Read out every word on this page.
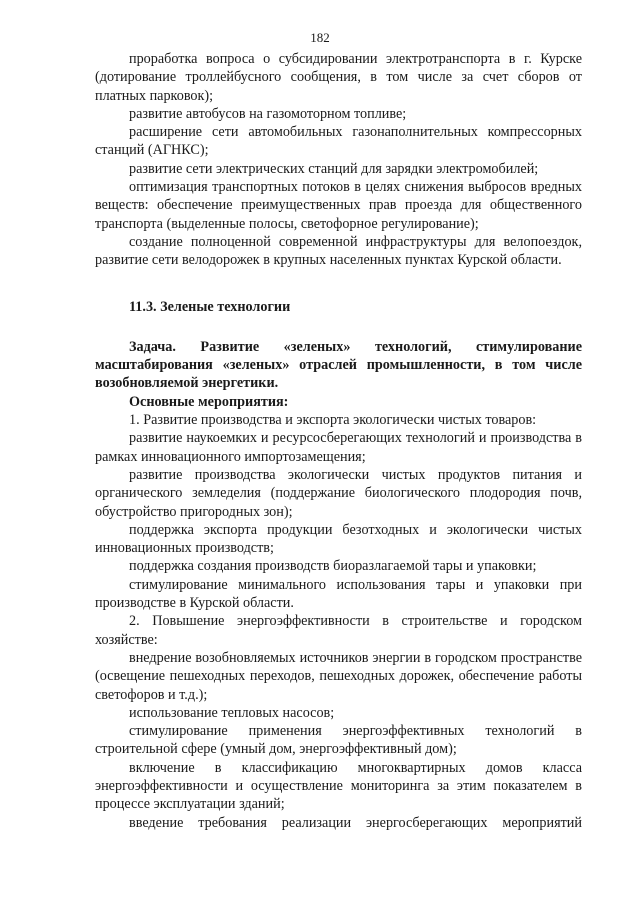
182

проработка вопроса о субсидировании электротранспорта в г. Курске (дотирование троллейбусного сообщения, в том числе за счет сборов от платных парковок);

развитие автобусов на газомоторном топливе;

расширение сети автомобильных газонаполнительных компрессорных станций (АГНКС);

развитие сети электрических станций для зарядки электромобилей;

оптимизация транспортных потоков в целях снижения выбросов вредных веществ: обеспечение преимущественных прав проезда для общественного транспорта (выделенные полосы, светофорное регулирование);

создание полноценной современной инфраструктуры для велопоездок, развитие сети велодорожек в крупных населенных пунктах Курской области.

11.3. Зеленые технологии

Задача. Развитие «зеленых» технологий, стимулирование масштабирования «зеленых» отраслей промышленности, в том числе возобновляемой энергетики.

Основные мероприятия:

1. Развитие производства и экспорта экологически чистых товаров:

развитие наукоемких и ресурсосберегающих технологий и производства в рамках инновационного импортозамещения;

развитие производства экологически чистых продуктов питания и органического земледелия (поддержание биологического плодородия почв, обустройство пригородных зон);

поддержка экспорта продукции безотходных и экологически чистых инновационных производств;

поддержка создания производств биоразлагаемой тары и упаковки;

стимулирование минимального использования тары и упаковки при производстве в Курской области.

2. Повышение энергоэффективности в строительстве и городском хозяйстве:

внедрение возобновляемых источников энергии в городском пространстве (освещение пешеходных переходов, пешеходных дорожек, обеспечение работы светофоров и т.д.);

использование тепловых насосов;

стимулирование применения энергоэффективных технологий в строительной сфере (умный дом, энергоэффективный дом);

включение в классификацию многоквартирных домов класса энергоэффективности и осуществление мониторинга за этим показателем в процессе эксплуатации зданий;

введение требования реализации энергосберегающих мероприятий
